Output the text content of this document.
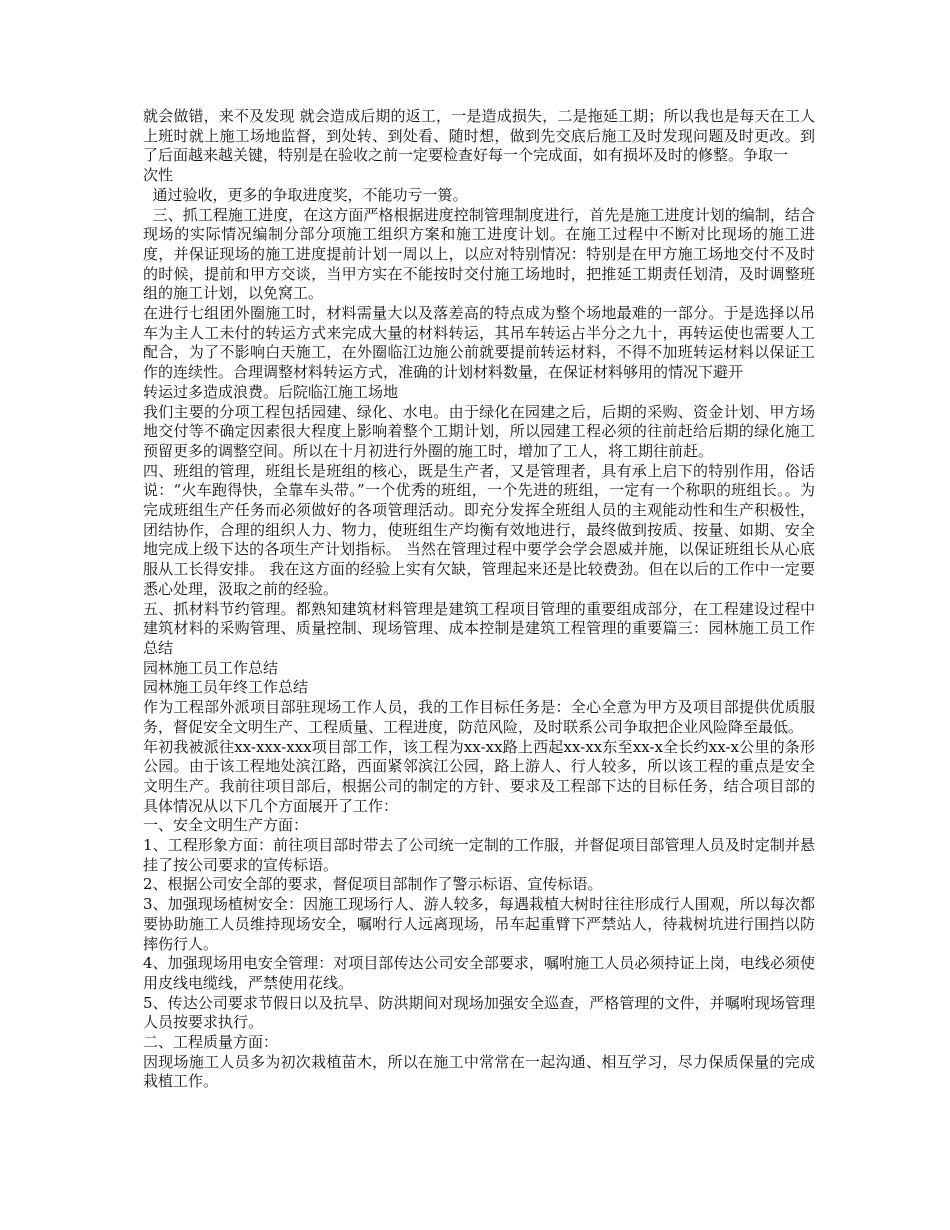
就会做错，来不及发现 就会造成后期的返工，一是造成损失，二是拖延工期；所以我也是每天在工人上班时就上施工场地监督，到处转、到处看、随时想，做到先交底后施工及时发现问题及时更改。到了后面越来越关键，特别是在验收之前一定要检查好每一个完成面，如有损坏及时的修整。争取一

次性

通过验收，更多的争取进度奖，不能功亏一篑。

三、抓工程施工进度，在这方面严格根据进度控制管理制度进行，首先是施工进度计划的编制，结合现场的实际情况编制分部分项施工组织方案和施工进度计划。在施工过程中不断对比现场的施工进度，并保证现场的施工进度提前计划一周以上，以应对特别情况：特别是在甲方施工场地交付不及时的时候，提前和甲方交谈，当甲方实在不能按时交付施工场地时，把推延工期责任划清，及时调整班组的施工计划，以免窝工。

在进行七组团外圈施工时，材料需量大以及落差高的特点成为整个场地最难的一部分。于是选择以吊车为主人工未付的转运方式来完成大量的材料转运，其吊车转运占半分之九十，再转运使也需要人工配合，为了不影响白天施工，在外圈临江边施公前就要提前转运材料，不得不加班转运材料以保证工作的连续性。合理调整材料转运方式，准确的计划材料数量，在保证材料够用的情况下避开

转运过多造成浪费。后院临江施工场地

我们主要的分项工程包括园建、绿化、水电。由于绿化在园建之后，后期的采购、资金计划、甲方场地交付等不确定因素很大程度上影响着整个工期计划，所以园建工程必须的往前赶给后期的绿化施工预留更多的调整空间。所以在十月初进行外圈的施工时，增加了工人，将工期往前赶。

四、班组的管理，班组长是班组的核心，既是生产者，又是管理者，具有承上启下的特别作用，俗话说：“火车跑得快，全靠车头带。”一个优秀的班组，一个先进的班组，一定有一个称职的班组长。。为完成班组生产任务而必须做好的各项管理活动。即充分发挥全班组人员的主观能动性和生产积极性，团结协作，合理的组织人力、物力，使班组生产均衡有效地进行，最终做到按质、按量、如期、安全地完成上级下达的各项生产计划指标。 当然在管理过程中要学会学会恩威并施，以保证班组长从心底服从工长得安排。 我在这方面的经验上实有欠缺，管理起来还是比较费劲。但在以后的工作中一定要悉心处理，汲取之前的经验。

五、抓材料节约管理。都熟知建筑材料管理是建筑工程项目管理的重要组成部分，在工程建设过程中建筑材料的采购管理、质量控制、现场管理、成本控制是建筑工程管理的重要篇三：园林施工员工作总结

园林施工员工作总结

园林施工员年终工作总结

作为工程部外派项目部驻现场工作人员，我的工作目标任务是：全心全意为甲方及项目部提供优质服务，督促安全文明生产、工程质量、工程进度，防范风险，及时联系公司争取把企业风险降至最低。

年初我被派往xx-xxx-xxx项目部工作，该工程为xx-xx路上西起xx-xx东至xx-x全长约xx-x公里的条形公园。由于该工程地处滨江路，西面紧邻滨江公园，路上游人、行人较多，所以该工程的重点是安全文明生产。我前往项目部后，根据公司的制定的方针、要求及工程部下达的目标任务，结合项目部的具体情况从以下几个方面展开了工作：

一、安全文明生产方面：

1、工程形象方面：前往项目部时带去了公司统一定制的工作服，并督促项目部管理人员及时定制并悬挂了按公司要求的宣传标语。

2、根据公司安全部的要求，督促项目部制作了警示标语、宣传标语。

3、加强现场植树安全：因施工现场行人、游人较多，每遇栽植大树时往往形成行人围观，所以每次都要协助施工人员维持现场安全，嘱咐行人远离现场，吊车起重臂下严禁站人，待栽树坑进行围挡以防摔伤行人。

4、加强现场用电安全管理：对项目部传达公司安全部要求，嘱咐施工人员必须持证上岗，电线必须使用皮线电缆线，严禁使用花线。

5、传达公司要求节假日以及抗旱、防洪期间对现场加强安全巡查，严格管理的文件，并嘱咐现场管理人员按要求执行。

二、工程质量方面：

因现场施工人员多为初次栽植苗木，所以在施工中常常在一起沟通、相互学习，尽力保质保量的完成栽植工作。
